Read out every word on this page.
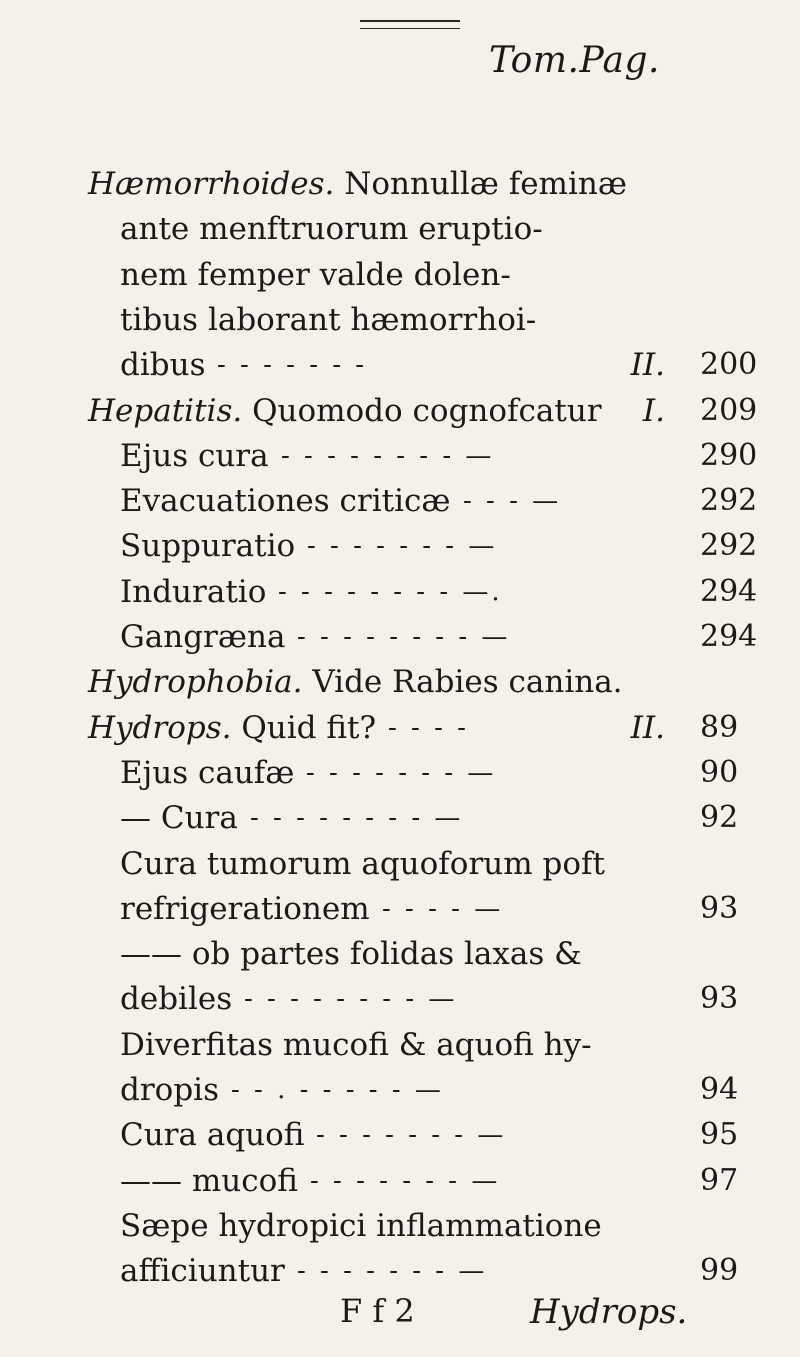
Tom.Pag.
Hæmorrhoides. Nonnullæ feminæ
ante menftruorum eruptio-
nem femper valde dolen-
tibus laborant hæmorrhoi-
dibus - - - - - - -	II. 200
Hepatitis. Quomodo cognofcatur	I. 209
Ejus cura - - - - - - - - —	290
Evacuationes criticæ - - - —	292
Suppuratio - - - - - - - —	292
Induratio - - - - - - - - —.	294
Gangræna - - - - - - - - —	294
Hydrophobia. Vide Rabies canina.
Hydrops. Quid fit? - - - -	II. 89
Ejus caufæ - - - - - - - —	90
— Cura - - - - - - - - —	92
Cura tumorum aquoforum poft
refrigerationem - - - - —	93
—— ob partes folidas laxas &
debiles - - - - - - - - —	93
Diverfitas mucofi & aquofi hy-
dropis - - . - - - - - —	94
Cura aquofi - - - - - - - —	95
—— mucofi - - - - - - - —	97
Sæpe hydropici inflammatione
afficiuntur - - - - - - - —	99
F f 2	Hydrops.
